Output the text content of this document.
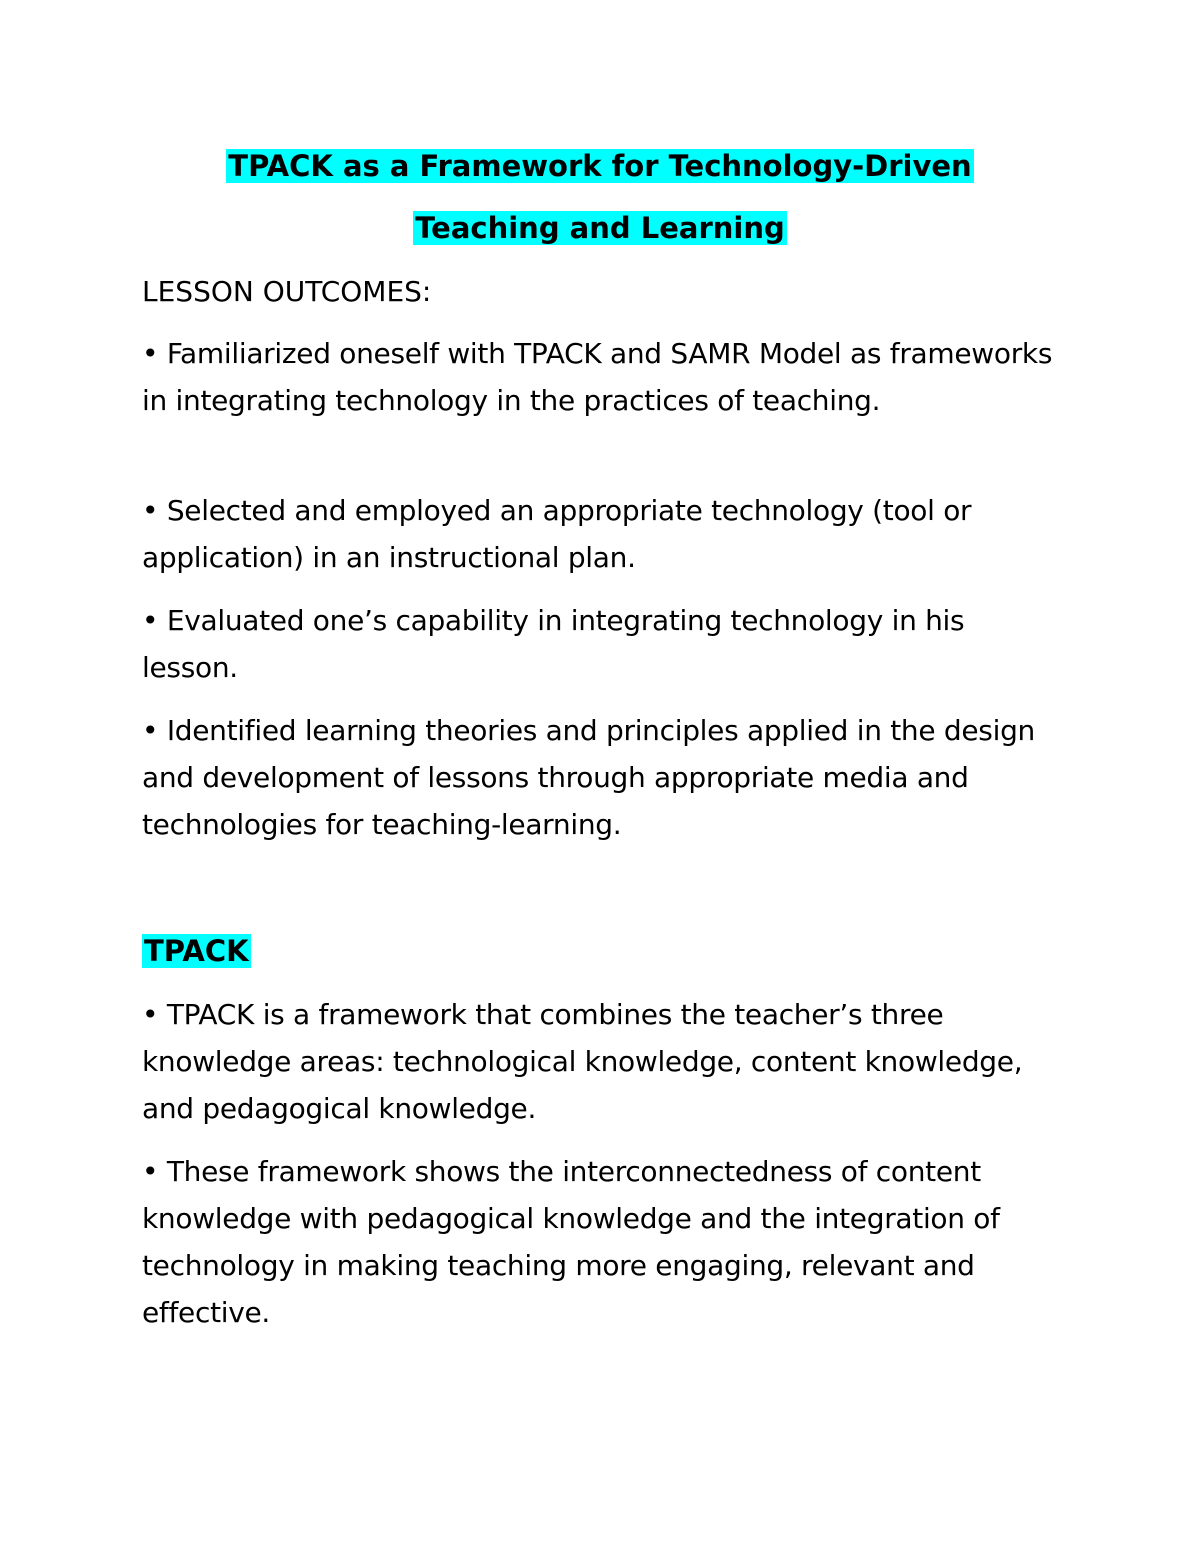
TPACK as a Framework for Technology-Driven
Teaching and Learning
LESSON OUTCOMES:
• Familiarized oneself with TPACK and SAMR Model as frameworks in integrating technology in the practices of teaching.
• Selected and employed an appropriate technology (tool or application) in an instructional plan.
• Evaluated one’s capability in integrating technology in his lesson.
• Identified learning theories and principles applied in the design and development of lessons through appropriate media and technologies for teaching-learning.
TPACK
• TPACK is a framework that combines the teacher’s three knowledge areas: technological knowledge, content knowledge, and pedagogical knowledge.
• These framework shows the interconnectedness of content knowledge with pedagogical knowledge and the integration of technology in making teaching more engaging, relevant and effective.
